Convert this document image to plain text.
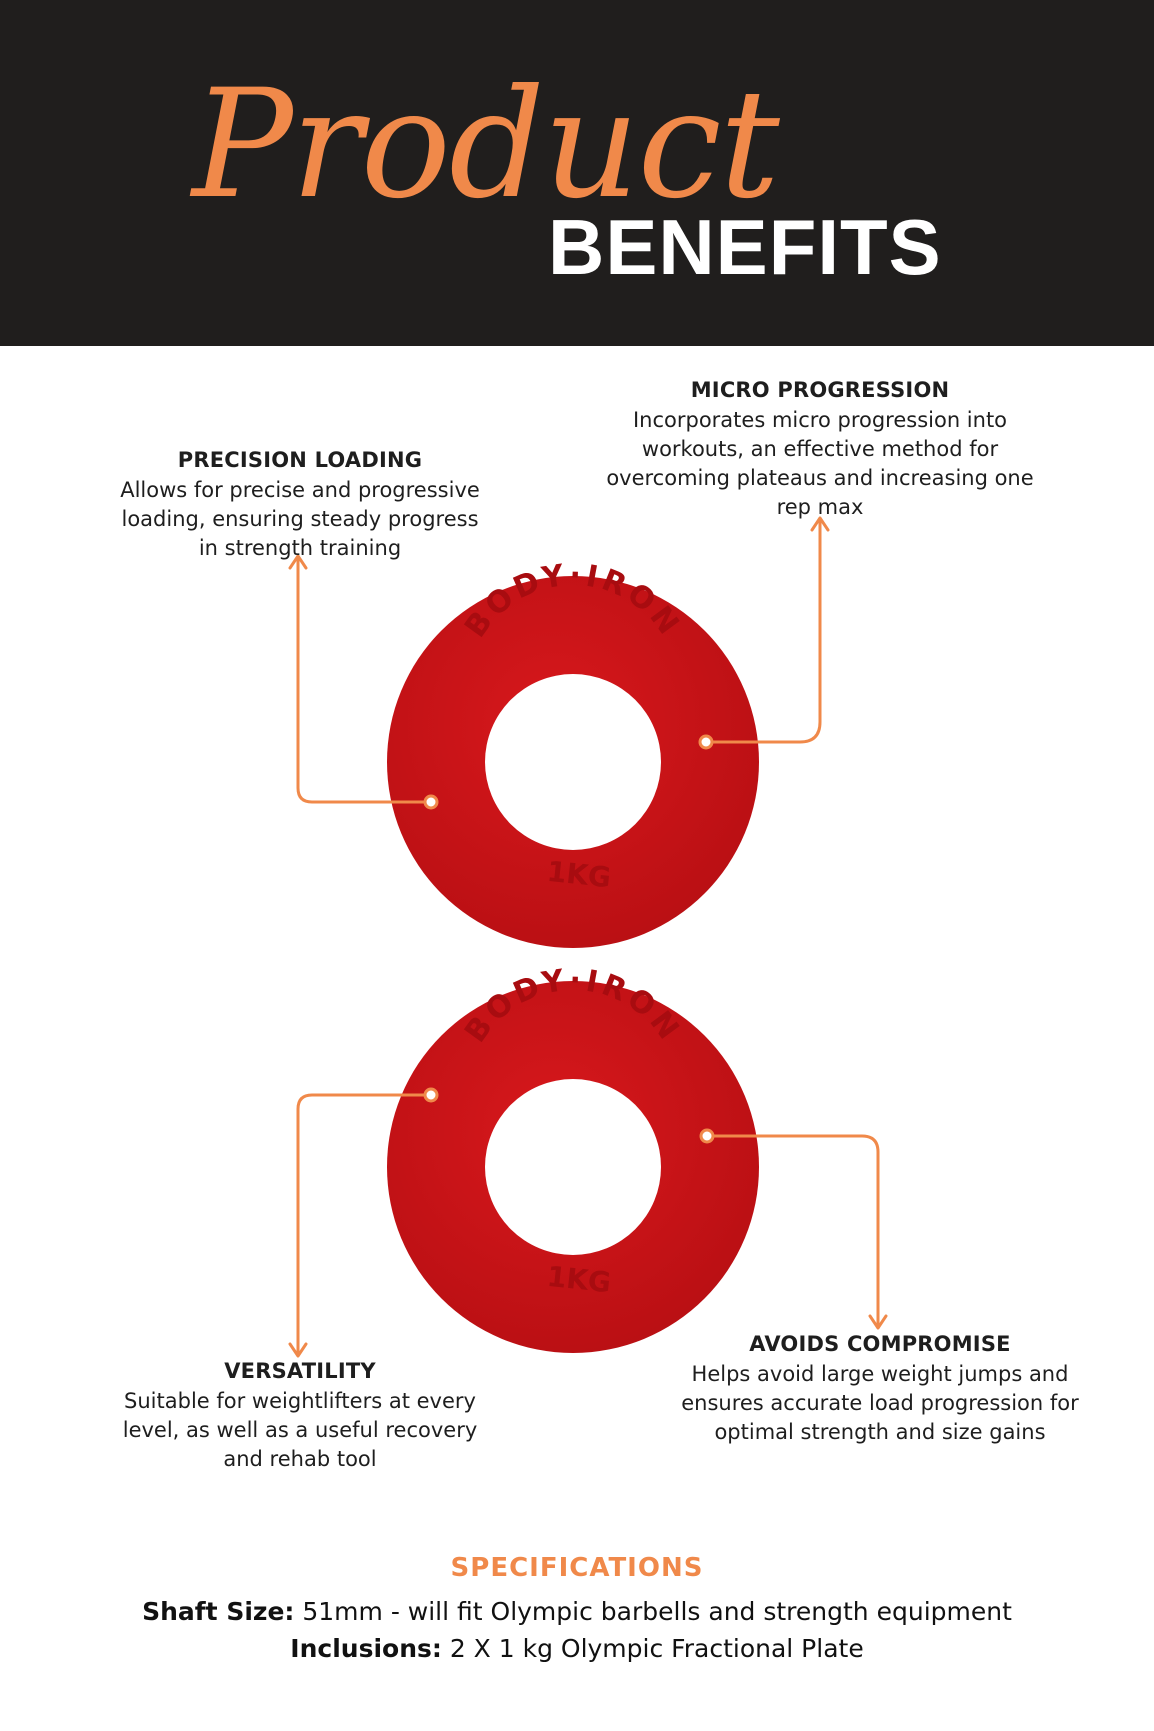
Product
BENEFITS
BODY·IRON
1KG
BODY·IRON
1KG
PRECISION LOADING

Allows for precise and progressive
loading, ensuring steady progress
in strength training

MICRO PROGRESSION

Incorporates micro progression into
workouts, an effective method for
overcoming plateaus and increasing one
rep max

VERSATILITY

Suitable for weightlifters at every
level, as well as a useful recovery
and rehab tool

AVOIDS COMPROMISE

Helps avoid large weight jumps and
ensures accurate load progression for
optimal strength and size gains

SPECIFICATIONS
Shaft Size: 51mm - will fit Olympic barbells and strength equipment
Inclusions: 2 X 1 kg Olympic Fractional Plate
